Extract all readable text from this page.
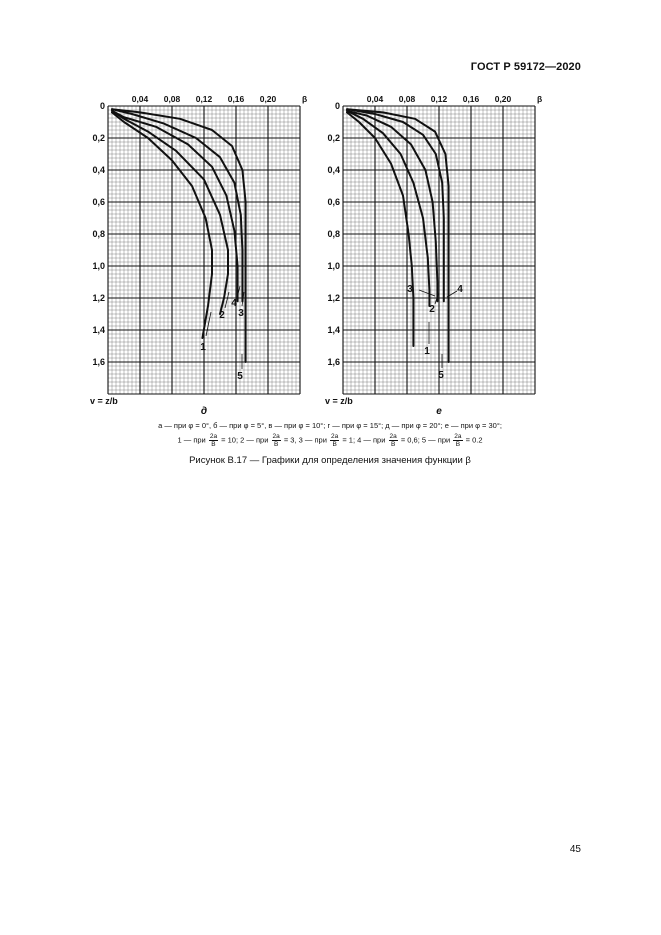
ГОСТ Р 59172—2020
0
0,2
0,4
0,6
0,8
1,0
1,2
1,4
1,6
0,04 0,08 0,12 0,16 0,20	β
1
2 3
4
5
v = z/b
д
0
0,2
0,4
0,6
0,8
1,0
1,2
1,4
1,6
0,04 0,08 0,12 0,16 0,20	β
1
2
3	4
5
v = z/b
е
а — при φ = 0°, б — при φ = 5°, в — при φ = 10°; г — при φ = 15°; д — при φ = 20°; е — при φ = 30°;
1 — при $\frac{2a}{B} = 10$; 2 — при $\frac{2a}{B} = 3$, 3 — при $\frac{2a}{B} = 1$; 4 — при $\frac{2a}{B} = 0,6$; 5 — при $\frac{2a}{B} = 0.2$
Рисунок В.17 — Графики для определения значения функции β
45
